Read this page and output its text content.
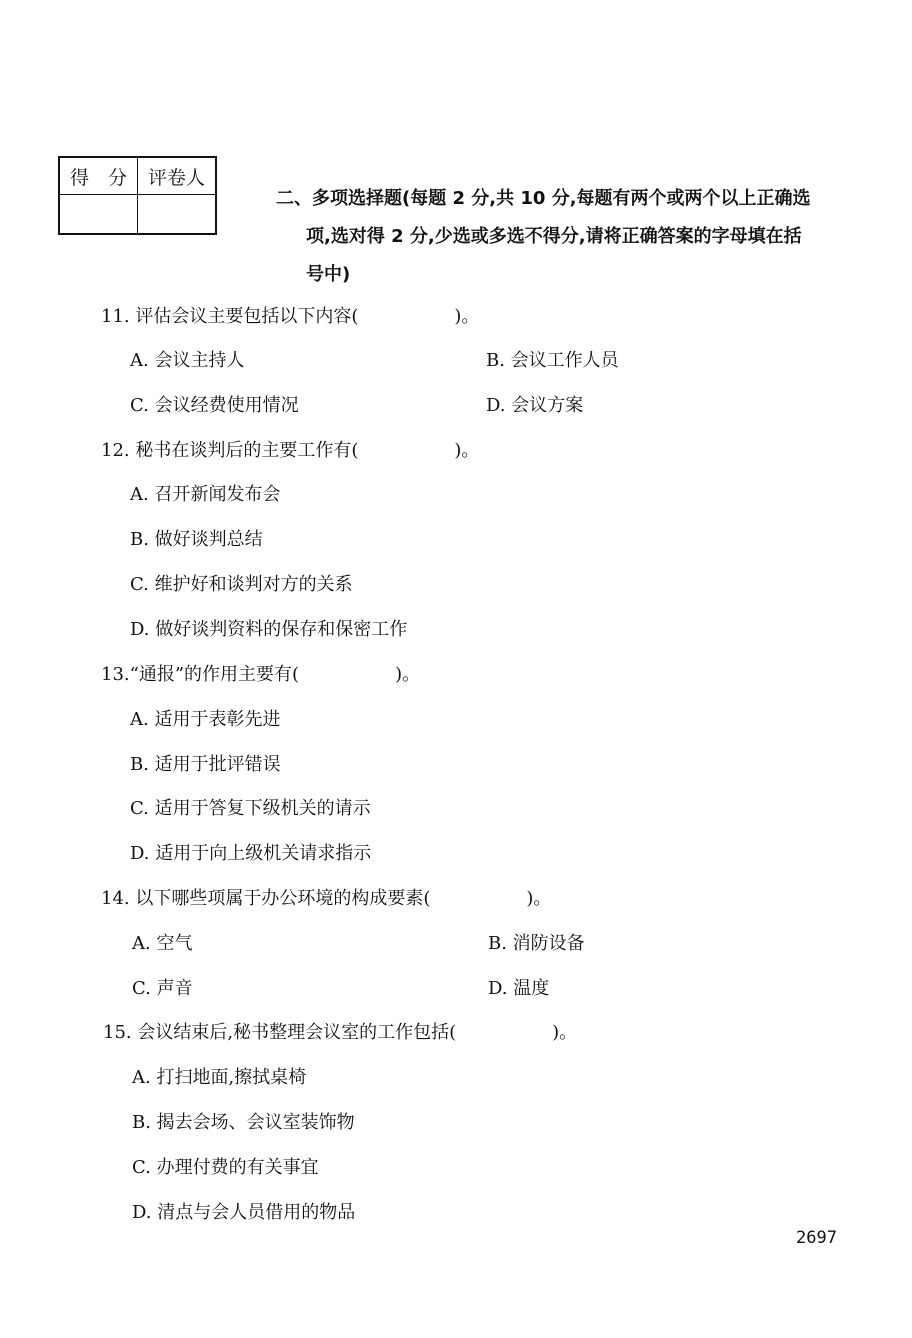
得　分	评卷人

二、多项选择题(每题 2 分,共 10 分,每题有两个或两个以上正确选
项,选对得 2 分,少选或多选不得分,请将正确答案的字母填在括
号中)
11. 评估会议主要包括以下内容(	)。
A. 会议主持人	B. 会议工作人员
C. 会议经费使用情况	D. 会议方案
12. 秘书在谈判后的主要工作有(	)。
A. 召开新闻发布会
B. 做好谈判总结
C. 维护好和谈判对方的关系
D. 做好谈判资料的保存和保密工作
13.“通报”的作用主要有(	)。
A. 适用于表彰先进
B. 适用于批评错误
C. 适用于答复下级机关的请示
D. 适用于向上级机关请求指示
14. 以下哪些项属于办公环境的构成要素(	)。
A. 空气	B. 消防设备
C. 声音	D. 温度
15. 会议结束后,秘书整理会议室的工作包括(	)。
A. 打扫地面,擦拭桌椅
B. 揭去会场、会议室装饰物
C. 办理付费的有关事宜
D. 清点与会人员借用的物品
2697
